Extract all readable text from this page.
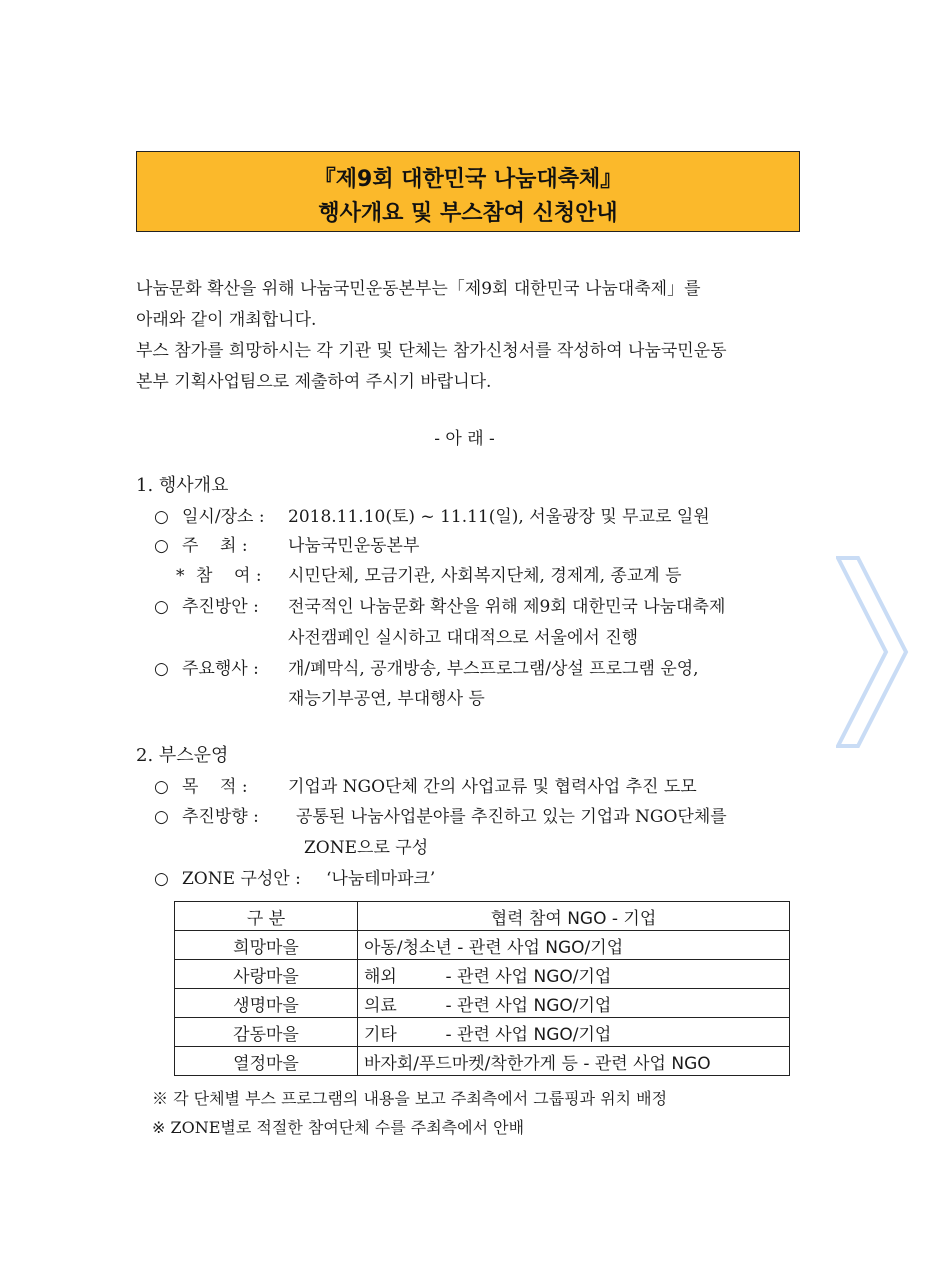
『제9회 대한민국 나눔대축체』
행사개요 및 부스참여 신청안내
나눔문화 확산을 위해 나눔국민운동본부는「제9회 대한민국 나눔대축제」를
아래와 같이 개최합니다.
부스 참가를 희망하시는 각 기관 및 단체는 참가신청서를 작성하여 나눔국민운동
본부 기획사업팀으로 제출하여 주시기 바랍니다.
- 아 래 -
1. 행사개요
○ 일시/장소 : 2018.11.10(토) ~ 11.11(일), 서울광장 및 무교로 일원
○ 주    최 : 나눔국민운동본부
* 참    여 : 시민단체, 모금기관, 사회복지단체, 경제계, 종교계 등
○ 추진방안 : 전국적인 나눔문화 확산을 위해 제9회 대한민국 나눔대축제
사전캠페인 실시하고 대대적으로 서울에서 진행
○ 주요행사 : 개/폐막식, 공개방송, 부스프로그램/상설 프로그램 운영,
재능기부공연, 부대행사 등
2. 부스운영
○ 목    적 : 기업과 NGO단체 간의 사업교류 및 협력사업 추진 도모
○ 추진방향 : 공통된 나눔사업분야를 추진하고 있는 기업과 NGO단체를
ZONE으로 구성
○ ZONE 구성안 : ‘나눔테마파크’
구 분	협력 참여 NGO - 기업
희망마을	아동/청소년 - 관련 사업 NGO/기업
사랑마을	해외         - 관련 사업 NGO/기업
생명마을	의료         - 관련 사업 NGO/기업
감동마을	기타         - 관련 사업 NGO/기업
열정마을	바자회/푸드마켓/착한가게 등 - 관련 사업 NGO
※ 각 단체별 부스 프로그램의 내용을 보고 주최측에서 그룹핑과 위치 배정
※ ZONE별로 적절한 참여단체 수를 주최측에서 안배
